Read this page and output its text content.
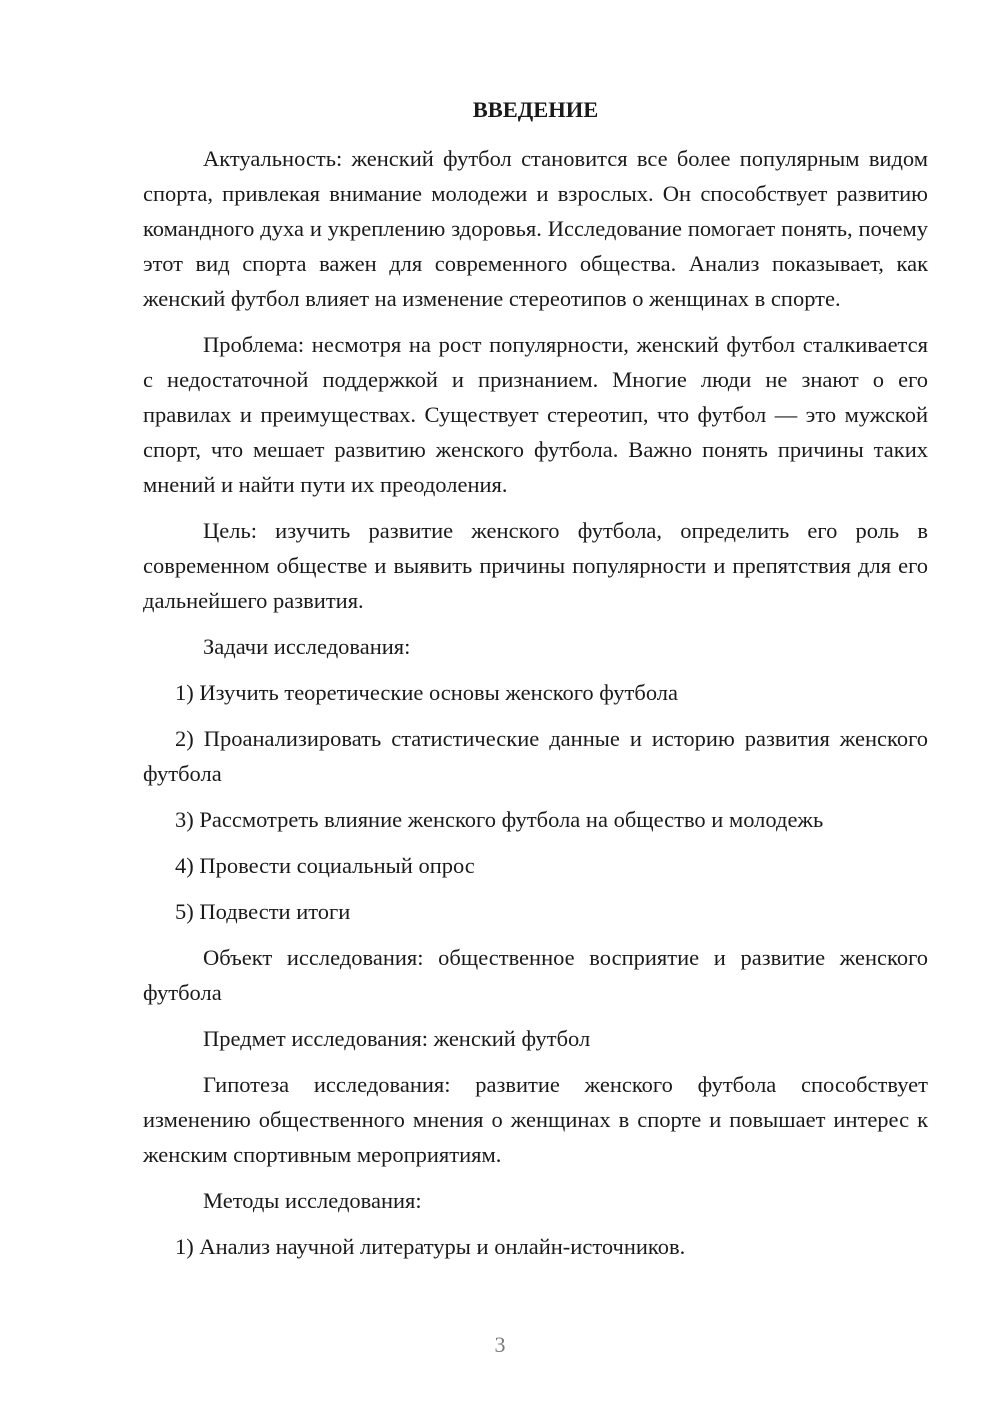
ВВЕДЕНИЕ

Актуальность: женский футбол становится все более популярным видом спорта, привлекая внимание молодежи и взрослых. Он способствует развитию командного духа и укреплению здоровья. Исследование помогает понять, почему этот вид спорта важен для современного общества. Анализ показывает, как женский футбол влияет на изменение стереотипов о женщинах в спорте.

Проблема: несмотря на рост популярности, женский футбол сталкивается с недостаточной поддержкой и признанием. Многие люди не знают о его правилах и преимуществах. Существует стереотип, что футбол — это мужской спорт, что мешает развитию женского футбола. Важно понять причины таких мнений и найти пути их преодоления.

Цель: изучить развитие женского футбола, определить его роль в современном обществе и выявить причины популярности и препятствия для его дальнейшего развития.

Задачи исследования:

1) Изучить теоретические основы женского футбола

2) Проанализировать статистические данные и историю развития женского футбола

3) Рассмотреть влияние женского футбола на общество и молодежь

4) Провести социальный опрос

5) Подвести итоги

Объект исследования: общественное восприятие и развитие женского футбола

Предмет исследования: женский футбол

Гипотеза исследования: развитие женского футбола способствует изменению общественного мнения о женщинах в спорте и повышает интерес к женским спортивным мероприятиям.

Методы исследования:

1) Анализ научной литературы и онлайн-источников.

3
